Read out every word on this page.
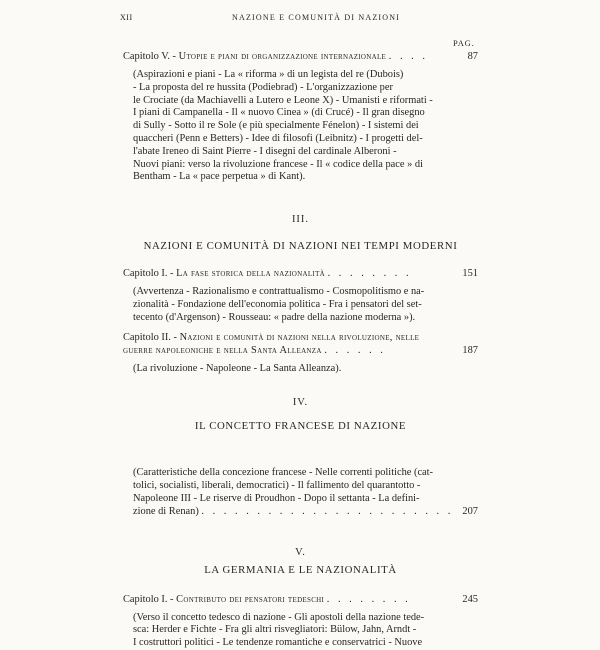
XII	NAZIONE E COMUNITÀ DI NAZIONI
PAG.
Capitolo V. - Utopie e piani di organizzazione internazionale . . . .	87
(Aspirazioni e piani - La « riforma » di un legista del re (Dubois)
- La proposta del re hussita (Podiebrad) - L'organizzazione per
le Crociate (da Machiavelli a Lutero e Leone X) - Umanisti e riformati -
I piani di Campanella - Il « nuovo Cinea » (di Crucé) - Il gran disegno
di Sully - Sotto il re Sole (e più specialmente Fénelon) - I sistemi dei
quaccheri (Penn e Betters) - Idee di filosofi (Leibnitz) - I progetti del-
l'abate Ireneo di Saint Pierre - I disegni del cardinale Alberoni -
Nuovi piani: verso la rivoluzione francese - Il « codice della pace » di
Bentham - La « pace perpetua » di Kant).
III.
NAZIONI E COMUNITÀ DI NAZIONI NEI TEMPI MODERNI
Capitolo I. - La fase storica della nazionalità . . . . . . . .	151
(Avvertenza - Razionalismo e contrattualismo - Cosmopolitismo e na-
zionalità - Fondazione dell'economia politica - Fra i pensatori del set-
tecento (d'Argenson) - Rousseau: « padre della nazione moderna »).
Capitolo II. - Nazioni e comunità di nazioni nella rivoluzione, nelle
guerre napoleoniche e nella Santa Alleanza . . . . . .	187
(La rivoluzione - Napoleone - La Santa Alleanza).
IV.
IL CONCETTO FRANCESE DI NAZIONE
(Caratteristiche della concezione francese - Nelle correnti politiche (cat-
tolici, socialisti, liberali, democratici) - Il fallimento del quarantotto -
Napoleone III - Le riserve di Proudhon - Dopo il settanta - La defini-
zione di Renan) . . . . . . . . . . . . . . . . . . . . . . . 207
V.
LA GERMANIA E LE NAZIONALITÀ
Capitolo I. - Contributo dei pensatori tedeschi . . . . . . . .	245
(Verso il concetto tedesco di nazione - Gli apostoli della nazione tede-
sca: Herder e Fichte - Fra gli altri risvegliatori: Bülow, Jahn, Arndt -
I costruttori politici - Le tendenze romantiche e conservatrici - Nuove
